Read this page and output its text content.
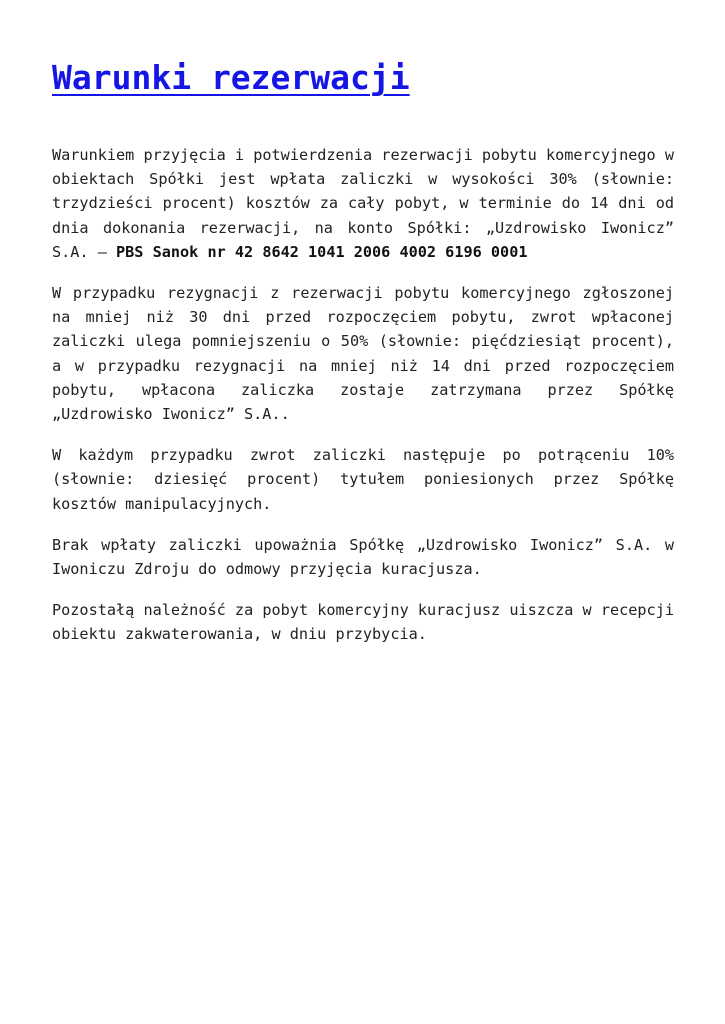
Warunki rezerwacji

Warunkiem przyjęcia i potwierdzenia rezerwacji pobytu komercyjnego w obiektach Spółki jest wpłata zaliczki w wysokości 30% (słownie: trzydzieści procent) kosztów za cały pobyt, w terminie do 14 dni od dnia dokonania rezerwacji, na konto Spółki: „Uzdrowisko Iwonicz” S.A. – PBS Sanok nr 42 8642 1041 2006 4002 6196 0001

W przypadku rezygnacji z rezerwacji pobytu komercyjnego zgłoszonej na mniej niż 30 dni przed rozpoczęciem pobytu, zwrot wpłaconej zaliczki ulega pomniejszeniu o 50% (słownie: pięćdziesiąt procent), a w przypadku rezygnacji na mniej niż 14 dni przed rozpoczęciem pobytu, wpłacona zaliczka zostaje zatrzymana przez Spółkę „Uzdrowisko Iwonicz” S.A..

W każdym przypadku zwrot zaliczki następuje po potrąceniu 10% (słownie: dziesięć procent) tytułem poniesionych przez Spółkę kosztów manipulacyjnych.

Brak wpłaty zaliczki upoważnia Spółkę „Uzdrowisko Iwonicz” S.A. w Iwoniczu Zdroju do odmowy przyjęcia kuracjusza.

Pozostałą należność za pobyt komercyjny kuracjusz uiszcza w recepcji obiektu zakwaterowania, w dniu przybycia.
